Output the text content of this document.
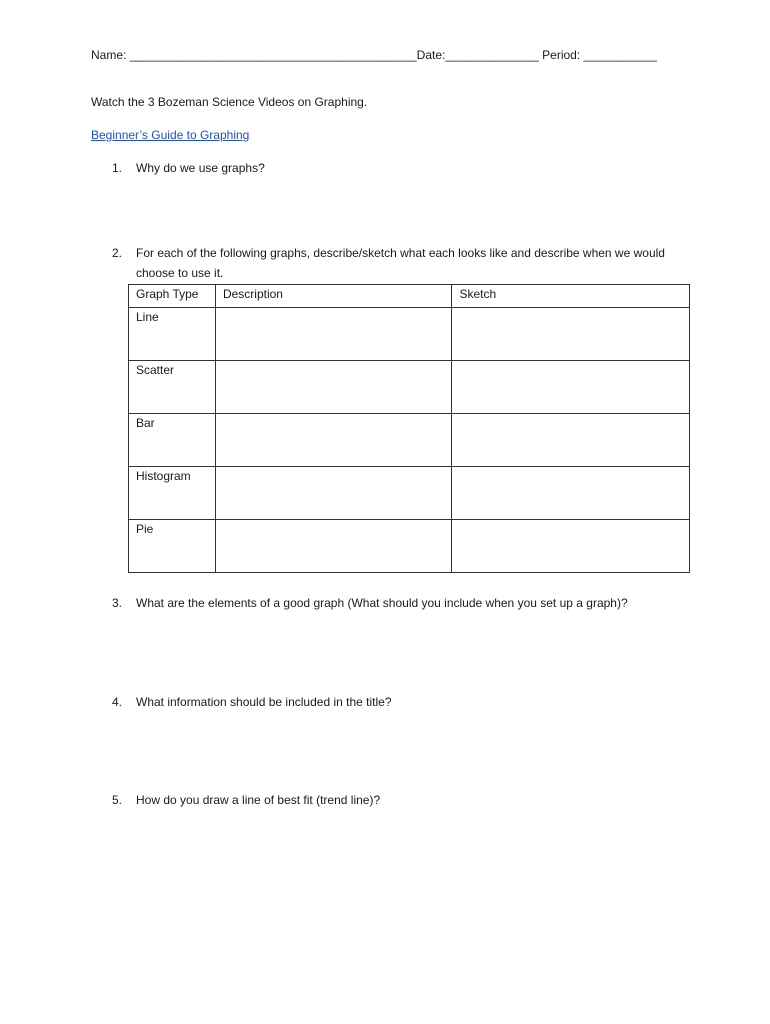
Name: ___________________________________________Date:______________ Period: ___________
Watch the 3 Bozeman Science Videos on Graphing.
Beginner’s Guide to Graphing
1. Why do we use graphs?
2. For each of the following graphs, describe/sketch what each looks like and describe when we would choose to use it.
Graph Type	Description	Sketch
Line		
Scatter		
Bar		
Histogram		
Pie		
3. What are the elements of a good graph (What should you include when you set up a graph)?
4. What information should be included in the title?
5. How do you draw a line of best fit (trend line)?
